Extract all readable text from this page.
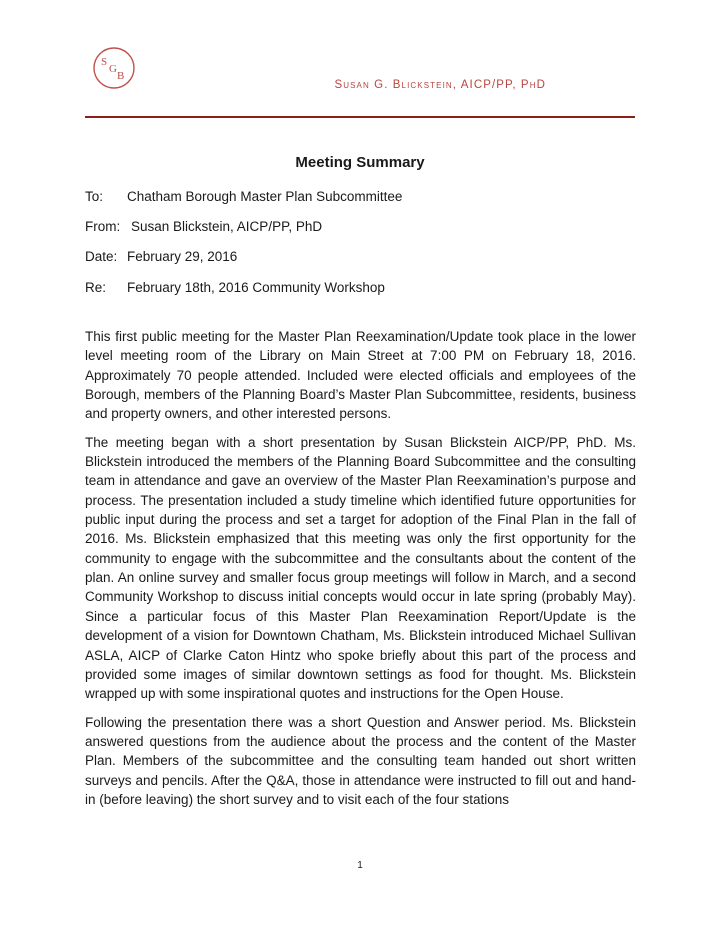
S
G
B
Susan G. Blickstein, AICP/PP, PhD
Meeting Summary
To: Chatham Borough Master Plan Subcommittee
From: Susan Blickstein, AICP/PP, PhD
Date: February 29, 2016
Re: February 18th, 2016 Community Workshop

This first public meeting for the Master Plan Reexamination/Update took place in the lower level meeting room of the Library on Main Street at 7:00 PM on February 18, 2016. Approximately 70 people attended. Included were elected officials and employees of the Borough, members of the Planning Board’s Master Plan Subcommittee, residents, business and property owners, and other interested persons.

The meeting began with a short presentation by Susan Blickstein AICP/PP, PhD. Ms. Blickstein introduced the members of the Planning Board Subcommittee and the consulting team in attendance and gave an overview of the Master Plan Reexamination’s purpose and process. The presentation included a study timeline which identified future opportunities for public input during the process and set a target for adoption of the Final Plan in the fall of 2016. Ms. Blickstein emphasized that this meeting was only the first opportunity for the community to engage with the subcommittee and the consultants about the content of the plan. An online survey and smaller focus group meetings will follow in March, and a second Community Workshop to discuss initial concepts would occur in late spring (probably May). Since a particular focus of this Master Plan Reexamination Report/Update is the development of a vision for Downtown Chatham, Ms. Blickstein introduced Michael Sullivan ASLA, AICP of Clarke Caton Hintz who spoke briefly about this part of the process and provided some images of similar downtown settings as food for thought. Ms. Blickstein wrapped up with some inspirational quotes and instructions for the Open House.

Following the presentation there was a short Question and Answer period. Ms. Blickstein answered questions from the audience about the process and the content of the Master Plan. Members of the subcommittee and the consulting team handed out short written surveys and pencils. After the Q&A, those in attendance were instructed to fill out and hand-in (before leaving) the short survey and to visit each of the four stations

1
